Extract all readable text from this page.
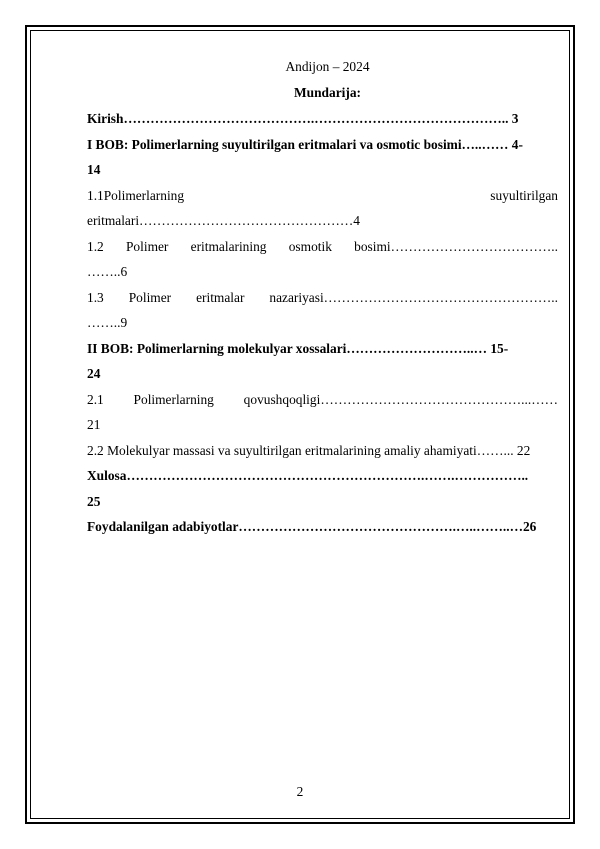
Andijon – 2024

Mundarija:

Kirish…………………………………….…………………………………….. 3

I BOB: Polimerlarning suyultirilgan eritmalari va osmotic bosimi…..…… 4-

14

1.1Polimerlarning suyultirilgan

eritmalari…………………………………………4

1.2 Polimer eritmalarining osmotik bosimi………………………………..

……..6

1.3 Polimer eritmalar nazariyasi……………………………………………..

……..9

II BOB: Polimerlarning molekulyar xossalari………………………..… 15-

24

2.1 Polimerlarning qovushqoqligi………………………………………...……

21

2.2 Molekulyar massasi va suyultirilgan eritmalarining amaliy ahamiyati……... 22

Xulosa………………………………………………………….…….……………..

25

Foydalanilgan adabiyotlar………………………………………….…..……..…26

2
